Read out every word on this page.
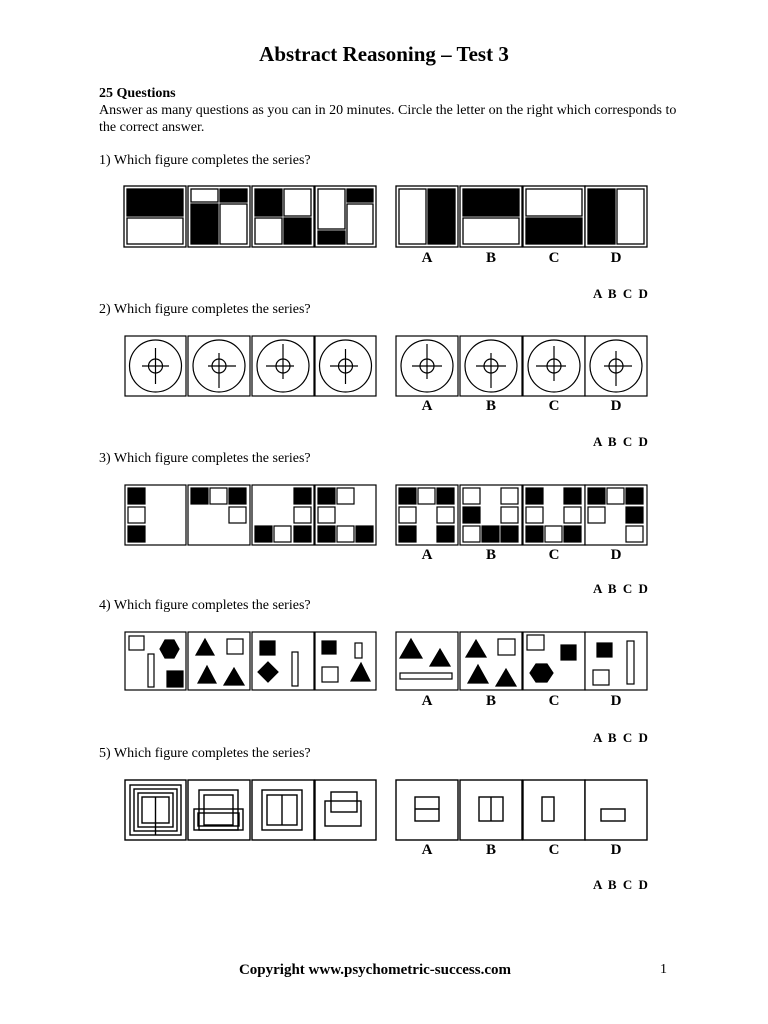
Abstract Reasoning – Test 3
25 Questions
Answer as many questions as you can in 20 minutes. Circle the letter on the right which corresponds to the correct answer.
1) Which figure completes the series?
A	B	C	D
A B C D
2) Which figure completes the series?
A	B	C	D
A B C D
3) Which figure completes the series?
A	B	C	D
A B C D
4) Which figure completes the series?
A	B	C	D
A B C D
5) Which figure completes the series?
A	B	C	D
A B C D
Copyright www.psychometric-success.com	1
